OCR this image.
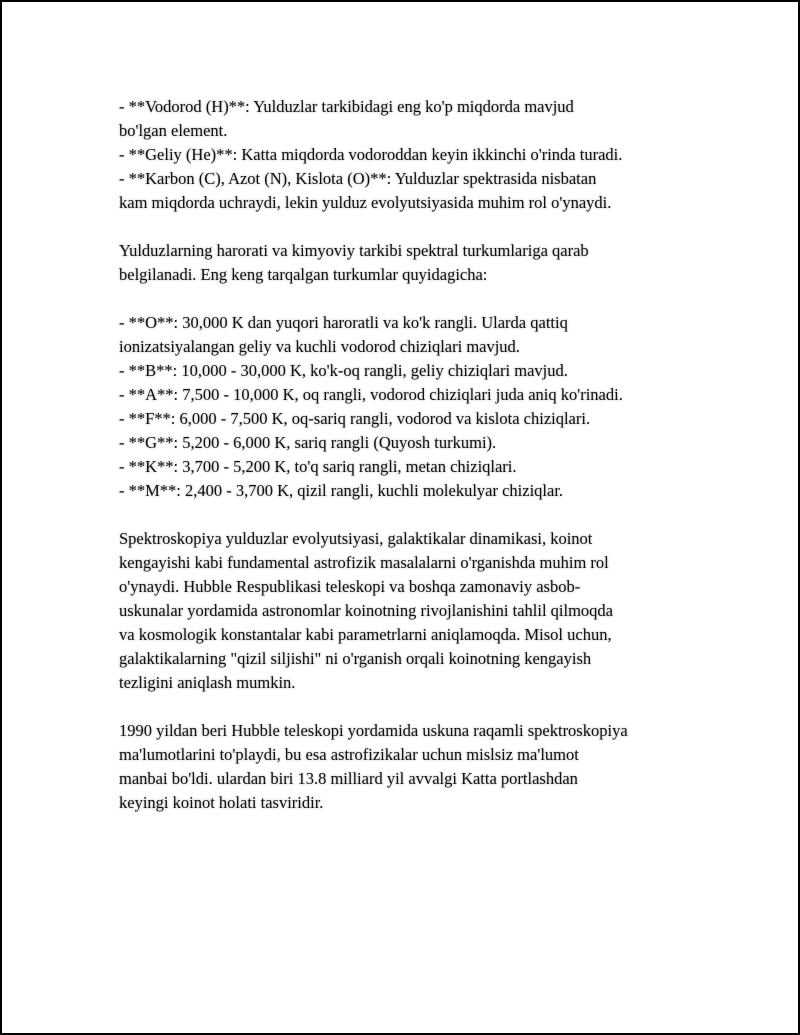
- **Vodorod (H)**: Yulduzlar tarkibidagi eng ko'p miqdorda mavjud
bo'lgan element.
- **Geliy (He)**: Katta miqdorda vodoroddan keyin ikkinchi o'rinda turadi.
- **Karbon (C), Azot (N), Kislota (O)**: Yulduzlar spektrasida nisbatan
kam miqdorda uchraydi, lekin yulduz evolyutsiyasida muhim rol o'ynaydi.
Yulduzlarning harorati va kimyoviy tarkibi spektral turkumlariga qarab
belgilanadi. Eng keng tarqalgan turkumlar quyidagicha:
- **O**: 30,000 K dan yuqori haroratli va ko'k rangli. Ularda qattiq
ionizatsiyalangan geliy va kuchli vodorod chiziqlari mavjud.
- **B**: 10,000 - 30,000 K, ko'k-oq rangli, geliy chiziqlari mavjud.
- **A**: 7,500 - 10,000 K, oq rangli, vodorod chiziqlari juda aniq ko'rinadi.
- **F**: 6,000 - 7,500 K, oq-sariq rangli, vodorod va kislota chiziqlari.
- **G**: 5,200 - 6,000 K, sariq rangli (Quyosh turkumi).
- **K**: 3,700 - 5,200 K, to'q sariq rangli, metan chiziqlari.
- **M**: 2,400 - 3,700 K, qizil rangli, kuchli molekulyar chiziqlar.
Spektroskopiya yulduzlar evolyutsiyasi, galaktikalar dinamikasi, koinot
kengayishi kabi fundamental astrofizik masalalarni o'rganishda muhim rol
o'ynaydi. Hubble Respublikasi teleskopi va boshqa zamonaviy asbob-
uskunalar yordamida astronomlar koinotning rivojlanishini tahlil qilmoqda
va kosmologik konstantalar kabi parametrlarni aniqlamoqda. Misol uchun,
galaktikalarning "qizil siljishi" ni o'rganish orqali koinotning kengayish
tezligini aniqlash mumkin.
1990 yildan beri Hubble teleskopi yordamida uskuna raqamli spektroskopiya
ma'lumotlarini to'playdi, bu esa astrofizikalar uchun mislsiz ma'lumot
manbai bo'ldi. ulardan biri 13.8 milliard yil avvalgi Katta portlashdan
keyingi koinot holati tasviridir.
